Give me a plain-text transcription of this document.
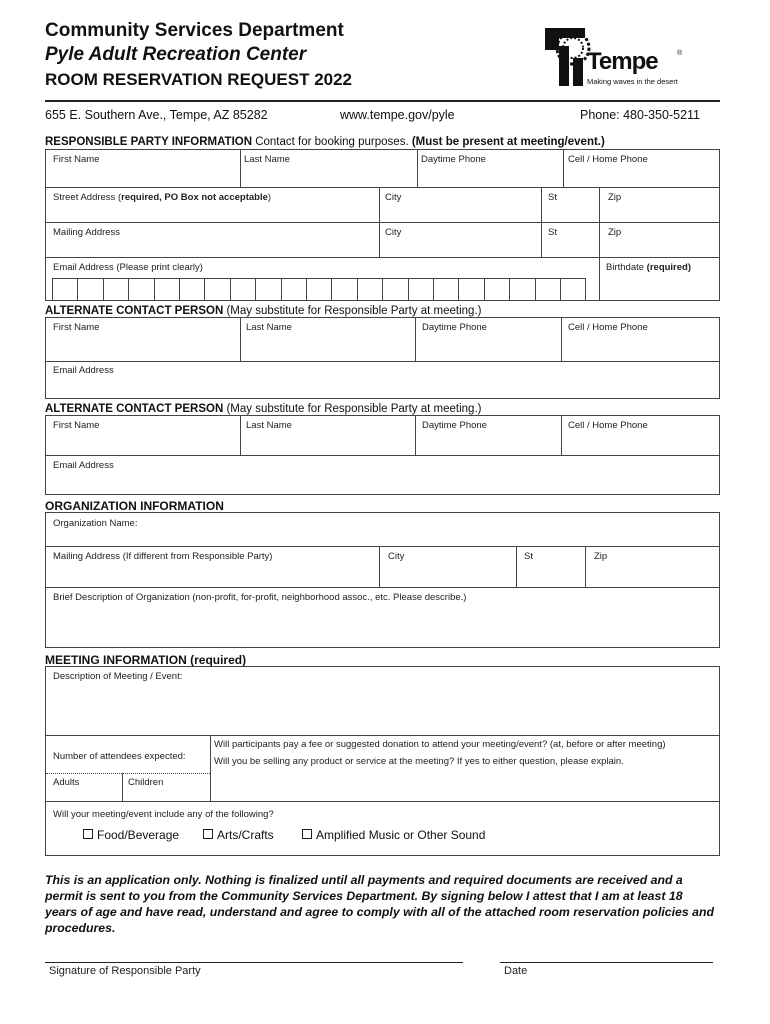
Community Services Department
Pyle Adult Recreation Center
ROOM RESERVATION REQUEST 2022
Tempe	®
Making waves in the desert
655 E. Southern Ave., Tempe, AZ 85282	www.tempe.gov/pyle	Phone: 480-350-5211
RESPONSIBLE PARTY INFORMATION Contact for booking purposes. (Must be present at meeting/event.)
First Name	Last Name	Daytime Phone	Cell / Home Phone
Street Address (required, PO Box not acceptable)	City	St	Zip
Mailing Address	City	St	Zip
Email Address (Please print clearly)	Birthdate (required)
ALTERNATE CONTACT PERSON (May substitute for Responsible Party at meeting.)
First Name	Last Name	Daytime Phone	Cell / Home Phone
Email Address
ALTERNATE CONTACT PERSON (May substitute for Responsible Party at meeting.)
First Name	Last Name	Daytime Phone	Cell / Home Phone
Email Address
ORGANIZATION INFORMATION
Organization Name:
Mailing Address (If different from Responsible Party)	City	St	Zip
Brief Description of Organization (non-profit, for-profit, neighborhood assoc., etc. Please describe.)
MEETING INFORMATION (required)
Description of Meeting / Event:
Number of attendees expected:
Will participants pay a fee or suggested donation to attend your meeting/event? (at, before or after meeting)
Will you be selling any product or service at the meeting? If yes to either question, please explain.
Adults	Children
Will your meeting/event include any of the following?
Food/Beverage	Arts/Crafts	Amplified Music or Other Sound
This is an application only. Nothing is finalized until all payments and required documents are received and a permit is sent to you from the Community Services Department. By signing below I attest that I am at least 18 years of age and have read, understand and agree to comply with all of the attached room reservation policies and procedures.
Signature of Responsible Party	Date
